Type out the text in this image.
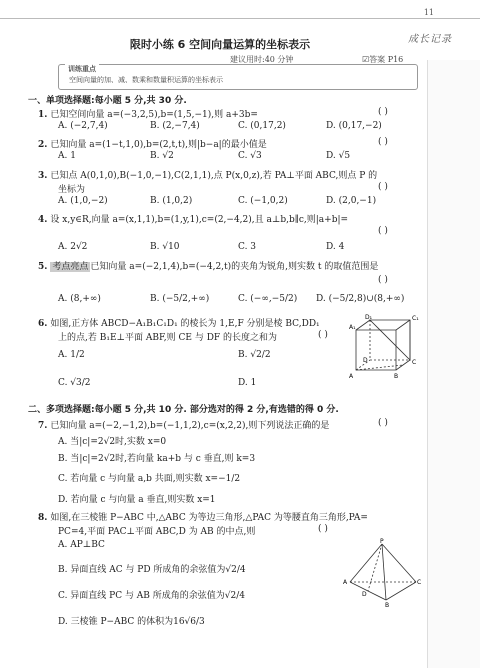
11
成长记录
限时小练 6 空间向量运算的坐标表示
建议用时:40 分钟	☑答案 P16
训练重点
空间向量的加、减、数乘和数量积运算的坐标表示
一、单项选择题:每小题 5 分,共 30 分.
1. 已知空间向量 a=(−3,2,5),b=(1,5,−1),则 a+3b=	( )
A. (−2,7,4)	B. (2,−7,4)	C. (0,17,2)	D. (0,17,−2)
2. 已知向量 a=(1−t,1,0),b=(2,t,t),则|b−a|的最小值是	( )
A. 1	B. √2	C. √3	D. √5
3. 已知点 A(0,1,0),B(−1,0,−1),C(2,1,1),点 P(x,0,z),若 PA⊥平面 ABC,则点 P 的
坐标为	( )
A. (1,0,−2)	B. (1,0,2)	C. (−1,0,2)	D. (2,0,−1)
4. 设 x,y∈R,向量 a=(x,1,1),b=(1,y,1),c=(2,−4,2),且 a⊥b,b∥c,则|a+b|=
( )
A. 2√2	B. √10	C. 3	D. 4
5. 考点亮点 已知向量 a=(−2,1,4),b=(−4,2,t)的夹角为锐角,则实数 t 的取值范围是
( )
A. (8,+∞)	B. (−5/2,+∞)	C. (−∞,−5/2) D. (−5/2,8)∪(8,+∞)
6. 如图,正方体 ABCD−A₁B₁C₁D₁ 的棱长为 1,E,F 分别是棱 BC,DD₁
上的点,若 B₁E⊥平面 ABF,则 CE 与 DF 的长度之和为	( )
A. 1/2	B. √2/2
C. √3/2	D. 1
A	B
C
D
A₁
C₁
D₁
二、多项选择题:每小题 5 分,共 10 分. 部分选对的得 2 分,有选错的得 0 分.
7. 已知向量 a=(−2,−1,2),b=(−1,1,2),c=(x,2,2),则下列说法正确的是	( )
A. 当|c|=2√2时,实数 x=0
B. 当|c|=2√2时,若向量 ka+b 与 c 垂直,则 k=3
C. 若向量 c 与向量 a,b 共面,则实数 x=−1/2
D. 若向量 c 与向量 a 垂直,则实数 x=1
8. 如图,在三棱锥 P−ABC 中,△ABC 为等边三角形,△PAC 为等腰直角三角形,PA=
PC=4,平面 PAC⊥平面 ABC,D 为 AB 的中点,则	( )
A. AP⊥BC
B. 异面直线 AC 与 PD 所成角的余弦值为√2/4
C. 异面直线 PC 与 AB 所成角的余弦值为√2/4
D. 三棱锥 P−ABC 的体积为16√6/3
P
A	C
B
D
